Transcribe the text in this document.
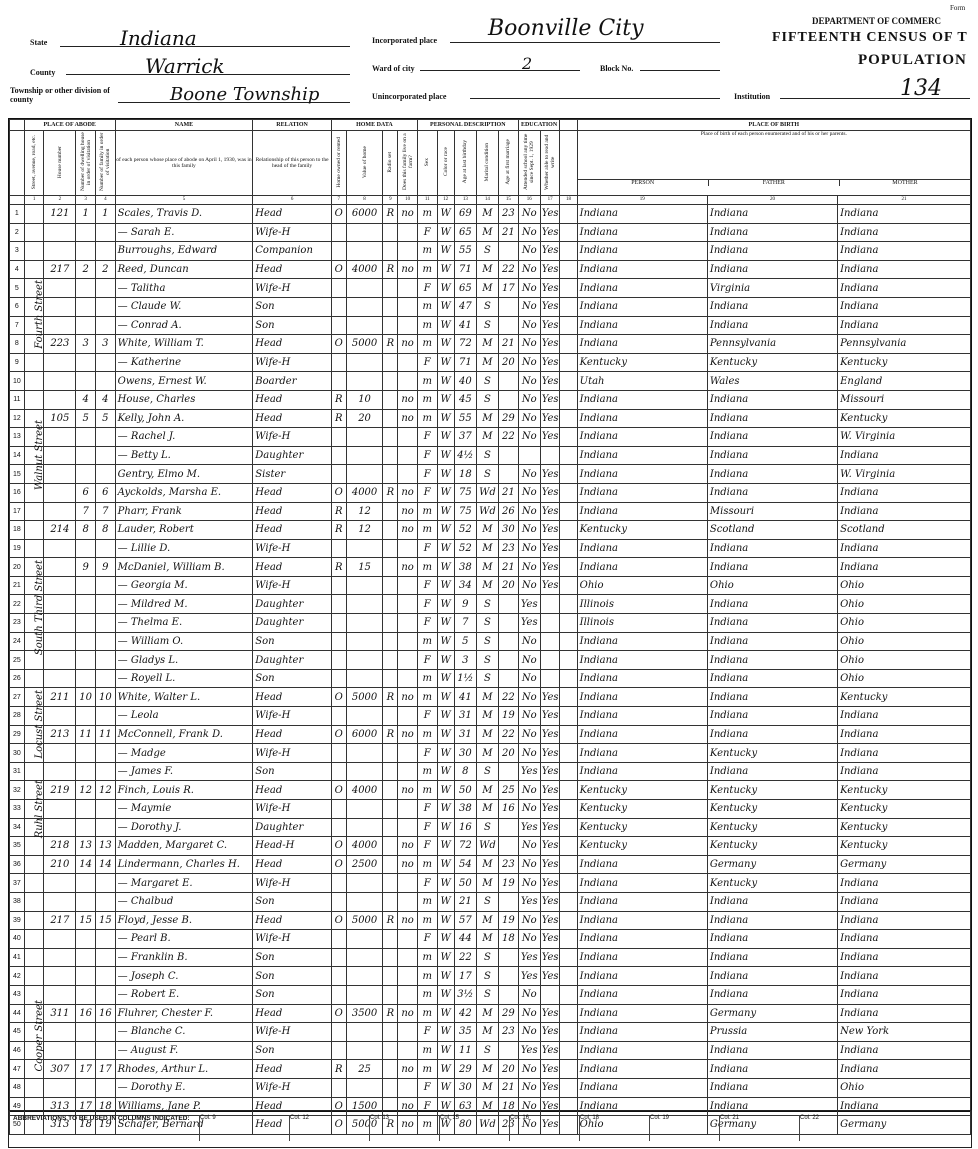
State	Indiana
County	Warrick
Township or other division of county	Boone Township
Incorporated place Boonville City
Ward of city	2	Block No.
Unincorporated place
Form
DEPARTMENT OF COMMERC
FIFTEENTH CENSUS OF T
POPULATION
134
Institution
	PLACE OF ABODE				NAME	RELATION	HOME DATA				PERSONAL DESCRIPTION					EDUCATION			PLACE OF BIRTH		
	Street, avenue, road, etc.	House number	Number of dwelling house in order of visitation	Number of family in order of visitation	of each person whose place of abode on April 1, 1930, was in this family	Relationship of this person to the head of the family	Home owned or rented	Value of home	Radio set	Does this family live on a farm?	Sex	Color or race	Age at last birthday	Marital condition	Age at first marriage	Attended school any time since Sept. 1, 1929	Whether able to read and write		Place of birth of each person enumerated and of his or her parents.
PERSON FATHER MOTHER		

	1	2	3	4	5	6	7	8	9	10	11	12	13	14	15	16	17	18	19	20	21
1		121	1	1	Scales, Travis D.	Head	O	6000	R	no	m	W	69	M	23	No	Yes		Indiana	Indiana	Indiana
2					— Sarah E.	Wife-H					F	W	65	M	21	No	Yes		Indiana	Indiana	Indiana
3					Burroughs, Edward	Companion					m	W	55	S		No	Yes		Indiana	Indiana	Indiana
4		217	2	2	Reed, Duncan	Head	O	4000	R	no	m	W	71	M	22	No	Yes		Indiana	Indiana	Indiana
5					— Talitha	Wife-H					F	W	65	M	17	No	Yes		Indiana	Virginia	Indiana
6					— Claude W.	Son					m	W	47	S		No	Yes		Indiana	Indiana	Indiana
7					— Conrad A.	Son					m	W	41	S		No	Yes		Indiana	Indiana	Indiana
8		223	3	3	White, William T.	Head	O	5000	R	no	m	W	72	M	21	No	Yes		Indiana	Pennsylvania	Pennsylvania
9					— Katherine	Wife-H					F	W	71	M	20	No	Yes		Kentucky	Kentucky	Kentucky
10					Owens, Ernest W.	Boarder					m	W	40	S		No	Yes		Utah	Wales	England
11			4	4	House, Charles	Head	R	10		no	m	W	45	S		No	Yes		Indiana	Indiana	Missouri
12		105	5	5	Kelly, John A.	Head	R	20		no	m	W	55	M	29	No	Yes		Indiana	Indiana	Kentucky
13					— Rachel J.	Wife-H					F	W	37	M	22	No	Yes		Indiana	Indiana	W. Virginia
14					— Betty L.	Daughter					F	W	4½	S					Indiana	Indiana	Indiana
15					Gentry, Elmo M.	Sister					F	W	18	S		No	Yes		Indiana	Indiana	W. Virginia
16			6	6	Ayckolds, Marsha E.	Head	O	4000	R	no	F	W	75	Wd	21	No	Yes		Indiana	Indiana	Indiana
17			7	7	Pharr, Frank	Head	R	12		no	m	W	75	Wd	26	No	Yes		Indiana	Missouri	Indiana
18		214	8	8	Lauder, Robert	Head	R	12		no	m	W	52	M	30	No	Yes		Kentucky	Scotland	Scotland
19					— Lillie D.	Wife-H					F	W	52	M	23	No	Yes		Indiana	Indiana	Indiana
20			9	9	McDaniel, William B.	Head	R	15		no	m	W	38	M	21	No	Yes		Indiana	Indiana	Indiana
21					— Georgia M.	Wife-H					F	W	34	M	20	No	Yes		Ohio	Ohio	Ohio
22					— Mildred M.	Daughter					F	W	9	S		Yes			Illinois	Indiana	Ohio
23					— Thelma E.	Daughter					F	W	7	S		Yes			Illinois	Indiana	Ohio
24					— William O.	Son					m	W	5	S		No			Indiana	Indiana	Ohio
25					— Gladys L.	Daughter					F	W	3	S		No			Indiana	Indiana	Ohio
26					— Royell L.	Son					m	W	1½	S		No			Indiana	Indiana	Ohio
27		211	10	10	White, Walter L.	Head	O	5000	R	no	m	W	41	M	22	No	Yes		Indiana	Indiana	Kentucky
28					— Leola	Wife-H					F	W	31	M	19	No	Yes		Indiana	Indiana	Indiana
29		213	11	11	McConnell, Frank D.	Head	O	6000	R	no	m	W	31	M	22	No	Yes		Indiana	Indiana	Indiana
30					— Madge	Wife-H					F	W	30	M	20	No	Yes		Indiana	Kentucky	Indiana
31					— James F.	Son					m	W	8	S		Yes	Yes		Indiana	Indiana	Indiana
32		219	12	12	Finch, Louis R.	Head	O	4000		no	m	W	50	M	25	No	Yes		Kentucky	Kentucky	Kentucky
33					— Maymie	Wife-H					F	W	38	M	16	No	Yes		Kentucky	Kentucky	Kentucky
34					— Dorothy J.	Daughter					F	W	16	S		Yes	Yes		Kentucky	Kentucky	Kentucky
35		218	13	13	Madden, Margaret C.	Head-H	O	4000		no	F	W	72	Wd		No	Yes		Kentucky	Kentucky	Kentucky
36		210	14	14	Lindermann, Charles H.	Head	O	2500		no	m	W	54	M	23	No	Yes		Indiana	Germany	Germany
37					— Margaret E.	Wife-H					F	W	50	M	19	No	Yes		Indiana	Kentucky	Indiana
38					— Chalbud	Son					m	W	21	S		Yes	Yes		Indiana	Indiana	Indiana
39		217	15	15	Floyd, Jesse B.	Head	O	5000	R	no	m	W	57	M	19	No	Yes		Indiana	Indiana	Indiana
40					— Pearl B.	Wife-H					F	W	44	M	18	No	Yes		Indiana	Indiana	Indiana
41					— Franklin B.	Son					m	W	22	S		Yes	Yes		Indiana	Indiana	Indiana
42					— Joseph C.	Son					m	W	17	S		Yes	Yes		Indiana	Indiana	Indiana
43					— Robert E.	Son					m	W	3½	S		No			Indiana	Indiana	Indiana
44		311	16	16	Fluhrer, Chester F.	Head	O	3500	R	no	m	W	42	M	29	No	Yes		Indiana	Germany	Indiana
45					— Blanche C.	Wife-H					F	W	35	M	23	No	Yes		Indiana	Prussia	New York
46					— August F.	Son					m	W	11	S		Yes	Yes		Indiana	Indiana	Indiana
47		307	17	17	Rhodes, Arthur L.	Head	R	25		no	m	W	29	M	20	No	Yes		Indiana	Indiana	Indiana
48					— Dorothy E.	Wife-H					F	W	30	M	21	No	Yes		Indiana	Indiana	Ohio
49		313	17	18	Williams, Jane P.	Head	O	1500		no	F	W	63	M	18	No	Yes		Indiana	Indiana	Indiana
50		313	18	19	Schafer, Bernard	Head	O	5000	R	no	m	W	80	Wd	23	No	Yes		Ohio	Germany	Germany
Cooper Street
Ruhl Street
Locust Street
South Third Street
Walnut Street
Fourth Street
ABBREVIATIONS TO BE USED IN COLUMNS INDICATED:	Col. 9	Col. 12	Col. 13	Col. 15	Col. 16	Col. 18	Col. 19	Col. 21	Col. 22
